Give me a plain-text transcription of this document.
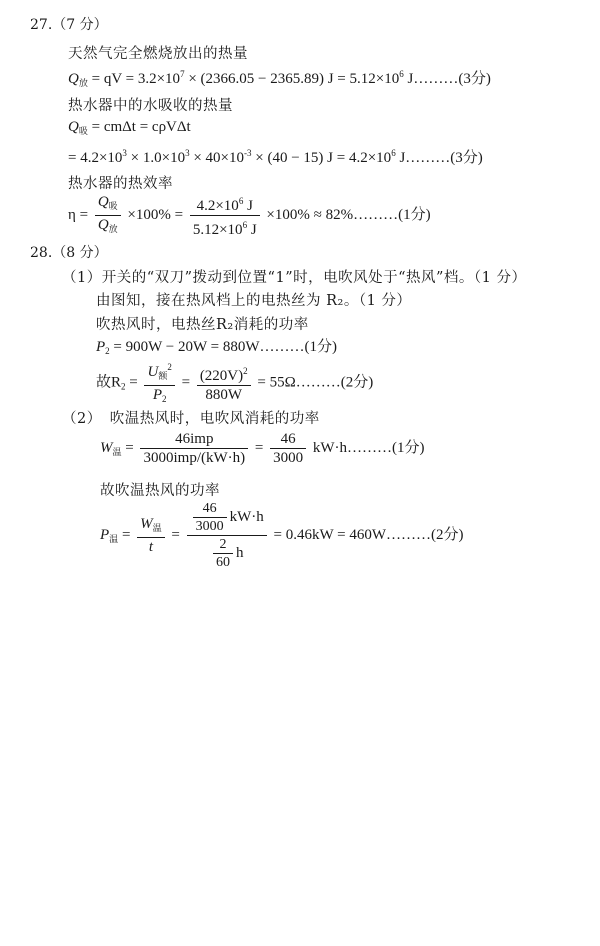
27.（7 分）
天然气完全燃烧放出的热量
$Q_放$ = qV = $3.2\times 10^7 \times (2366.05 - 2365.89) J = 5.12\times 10^6$ J………(3分)
热水器中的水吸收的热量
$Q_吸 = cm\Delta t = c\rho V\Delta t$
= $4.2\times 10^3 \times 1.0\times 10^3 \times 40\times 10^{-3} \times (40 - 15) J = 4.2\times 10^6$ J………(3分)
热水器的热效率
$\eta = \frac{Q_吸}{Q_放} \times 100\% = \frac{4.2\times 10^6 J}{5.12\times 10^6 J} \times 100\%$ ≈ 82%………(1分)
28.（8 分）
（1）开关的“双刀”拨动到位置“1”时，电吹风处于“热风”档。（1 分）
由图知，接在热风档上的电热丝为 R₂。（1 分）
吹热风时，电热丝R₂消耗的功率
$P_2 = 900W - 20W$ = 880W………(1分)
故$R_2 = \frac{U_额^2}{P_2} = \frac{(220V)^2}{880W}$ = 55Ω………(2分)
（2） 吹温热风时，电吹风消耗的功率
$W_温 = \frac{\text{46imp}}{\text{3000imp/(kW·h)}} = \frac{46}{3000}$ kW·h………(1分)
故吹温热风的功率
$P_温 = \frac{W_温}{t} = \frac{\frac{46}{3000} kW\cdot h}{\frac{2}{60} h} = 0.46kW$ = 460W………(2分)
